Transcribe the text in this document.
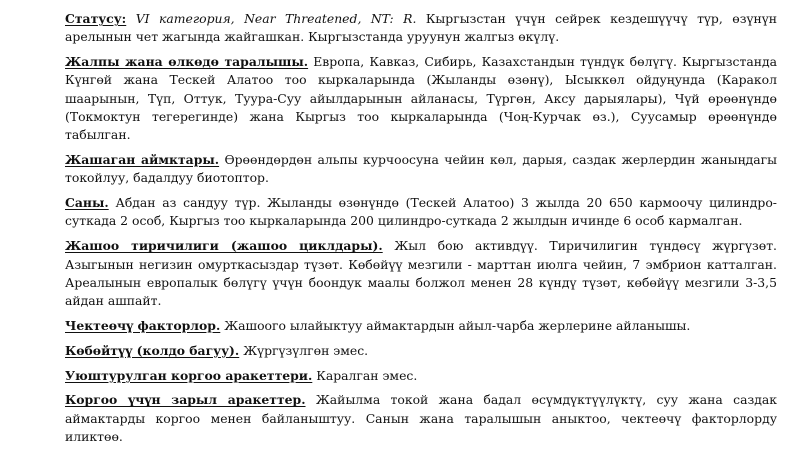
Статусу: VI категория, Near Threatened, NT: R. Кыргызстан үчүн сейрек кездешүүчү түр, өзүнүн арелынын чет жагында жайгашкан. Кыргызстанда уруунун жалгыз өкүлү.

Жалпы жана өлкөдө таралышы. Европа, Кавказ, Сибирь, Казахстандын түндүк бөлүгү. Кыргызстанда Күнгөй жана Тескей Алатоо тоо кыркаларында (Жыланды өзөнү), Ысыккөл ойдуңунда (Каракол шаарынын, Түп, Оттук, Туура-Суу айылдарынын айланасы, Түргөн, Аксу дарыялары), Чүй өрөөнүндө (Токмоктун тегерегинде) жана Кыргыз тоо кыркаларында (Чоң-Курчак өз.), Суусамыр өрөөнүндө табылган.

Жашаган аймктары. Өрөөндөрдөн альпы курчоосуна чейин көл, дарыя, саздак жерлердин жаныңдагы токойлуу, бадалдуу биотоптор.

Саны. Абдан аз сандуу түр. Жыланды өзөнүндө (Тескей Алатоо) 3 жылда 20 650 кармоочу цилиндро-суткада 2 особ, Кыргыз тоо кыркаларында 200 цилиндро-суткада 2 жылдын ичинде 6 особ кармалган.

Жашоо тиричилиги (жашоо циклдары). Жыл бою активдүү. Тиричилигин түндөсү жүргүзөт. Азыгынын негизин омурткасыздар түзөт. Көбөйүү мезгили - марттан июлга чейин, 7 эмбрион катталган. Ареалынын европалык бөлүгү үчүн боондук маалы болжол менен 28 күндү түзөт, көбөйүү мезгили 3-3,5 айдан ашпайт.

Чектеөчү факторлор. Жашоого ылайыктуу аймактардын айыл-чарба жерлерине айланышы.

Көбөйтүү (колдо багуу). Жүргүзүлгөн эмес.

Уюштурулган коргоо аракеттери. Каралган эмес.

Коргоо үчүн зарыл аракеттер. Жайылма токой жана бадал өсүмдүктүүлүктү, суу жана саздак аймактарды коргоо менен байланыштуу. Санын жана таралышын аныктоо, чектеөчү факторлорду иликтөө.
